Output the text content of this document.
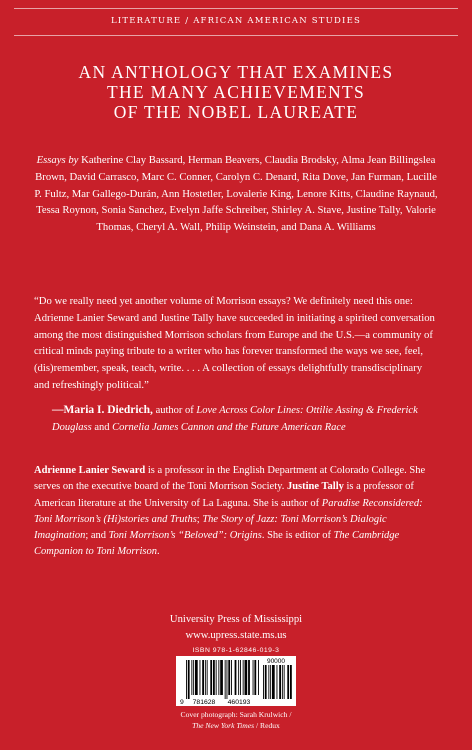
LITERATURE / AFRICAN AMERICAN STUDIES
AN ANTHOLOGY THAT EXAMINES
THE MANY ACHIEVEMENTS
OF THE NOBEL LAUREATE
Essays by Katherine Clay Bassard, Herman Beavers, Claudia Brodsky, Alma Jean Billingslea Brown, David Carrasco, Marc C. Conner, Carolyn C. Denard, Rita Dove, Jan Furman, Lucille P. Fultz, Mar Gallego-Durán, Ann Hostetler, Lovalerie King, Lenore Kitts, Claudine Raynaud, Tessa Roynon, Sonia Sanchez, Evelyn Jaffe Schreiber, Shirley A. Stave, Justine Tally, Valorie Thomas, Cheryl A. Wall, Philip Weinstein, and Dana A. Williams
“Do we really need yet another volume of Morrison essays? We definitely need this one: Adrienne Lanier Seward and Justine Tally have succeeded in initiating a spirited conversation among the most distinguished Morrison scholars from Europe and the U.S.—a community of critical minds paying tribute to a writer who has forever transformed the ways we see, feel, (dis)remember, speak, teach, write. . . . A collection of essays delightfully transdisciplinary and refreshingly political.”
—Maria I. Diedrich, author of Love Across Color Lines: Ottilie Assing & Frederick Douglass and Cornelia James Cannon and the Future American Race
Adrienne Lanier Seward is a professor in the English Department at Colorado College. She serves on the executive board of the Toni Morrison Society. Justine Tally is a professor of American literature at the University of La Laguna. She is author of Paradise Reconsidered: Toni Morrison’s (Hi)stories and Truths; The Story of Jazz: Toni Morrison’s Dialogic Imagination; and Toni Morrison’s “Beloved”: Origins. She is editor of The Cambridge Companion to Toni Morrison.
University Press of Mississippi
www.upress.state.ms.us
ISBN 978-1-62846-019-3
90000
9 781628 460193
Cover photograph: Sarah Krulwich /
The New York Times / Redux
